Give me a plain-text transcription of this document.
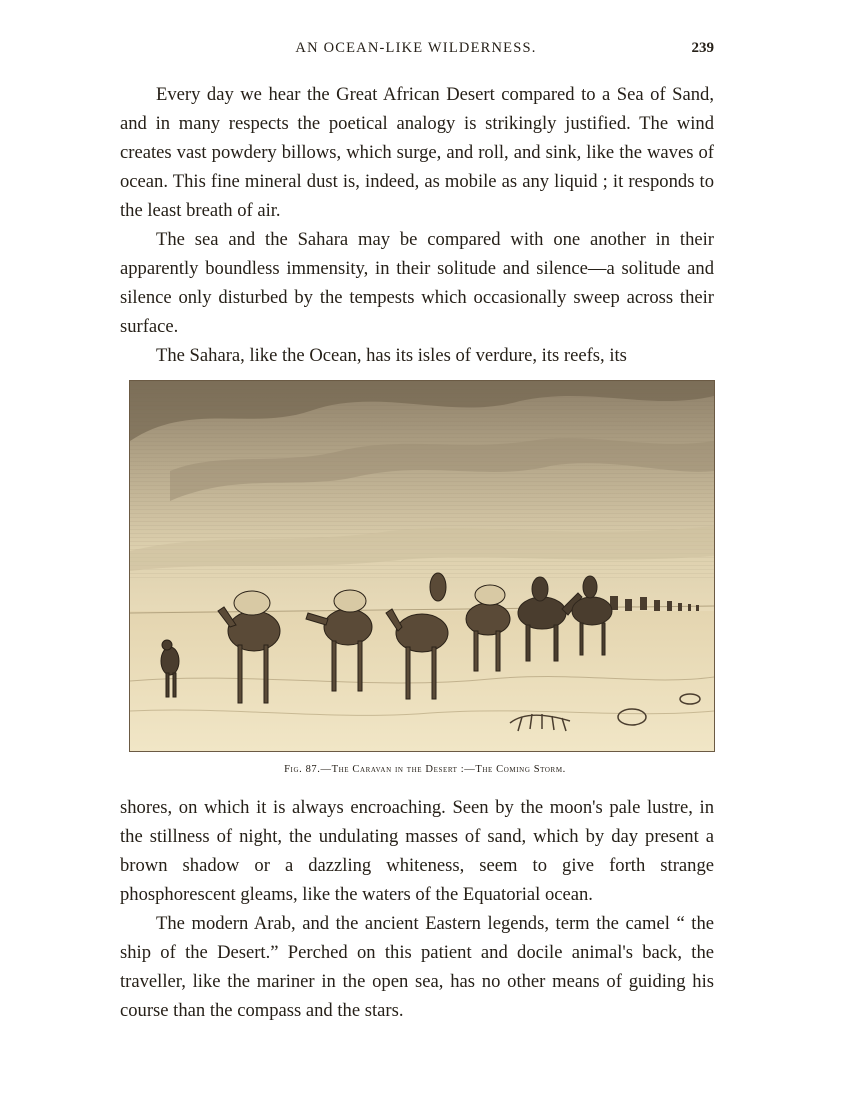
AN OCEAN-LIKE WILDERNESS.	239

Every day we hear the Great African Desert compared to a Sea of Sand, and in many respects the poetical analogy is strikingly justified. The wind creates vast powdery billows, which surge, and roll, and sink, like the waves of ocean. This fine mineral dust is, indeed, as mobile as any liquid ; it responds to the least breath of air.

The sea and the Sahara may be compared with one another in their apparently boundless immensity, in their solitude and silence—a solitude and silence only disturbed by the tempests which occasionally sweep across their surface.

The Sahara, like the Ocean, has its isles of verdure, its reefs, its

Fig. 87.—The Caravan in the Desert :—The Coming Storm.

shores, on which it is always encroaching. Seen by the moon's pale lustre, in the stillness of night, the undulating masses of sand, which by day present a brown shadow or a dazzling whiteness, seem to give forth strange phosphorescent gleams, like the waters of the Equatorial ocean.

The modern Arab, and the ancient Eastern legends, term the camel “ the ship of the Desert.” Perched on this patient and docile animal's back, the traveller, like the mariner in the open sea, has no other means of guiding his course than the compass and the stars.
